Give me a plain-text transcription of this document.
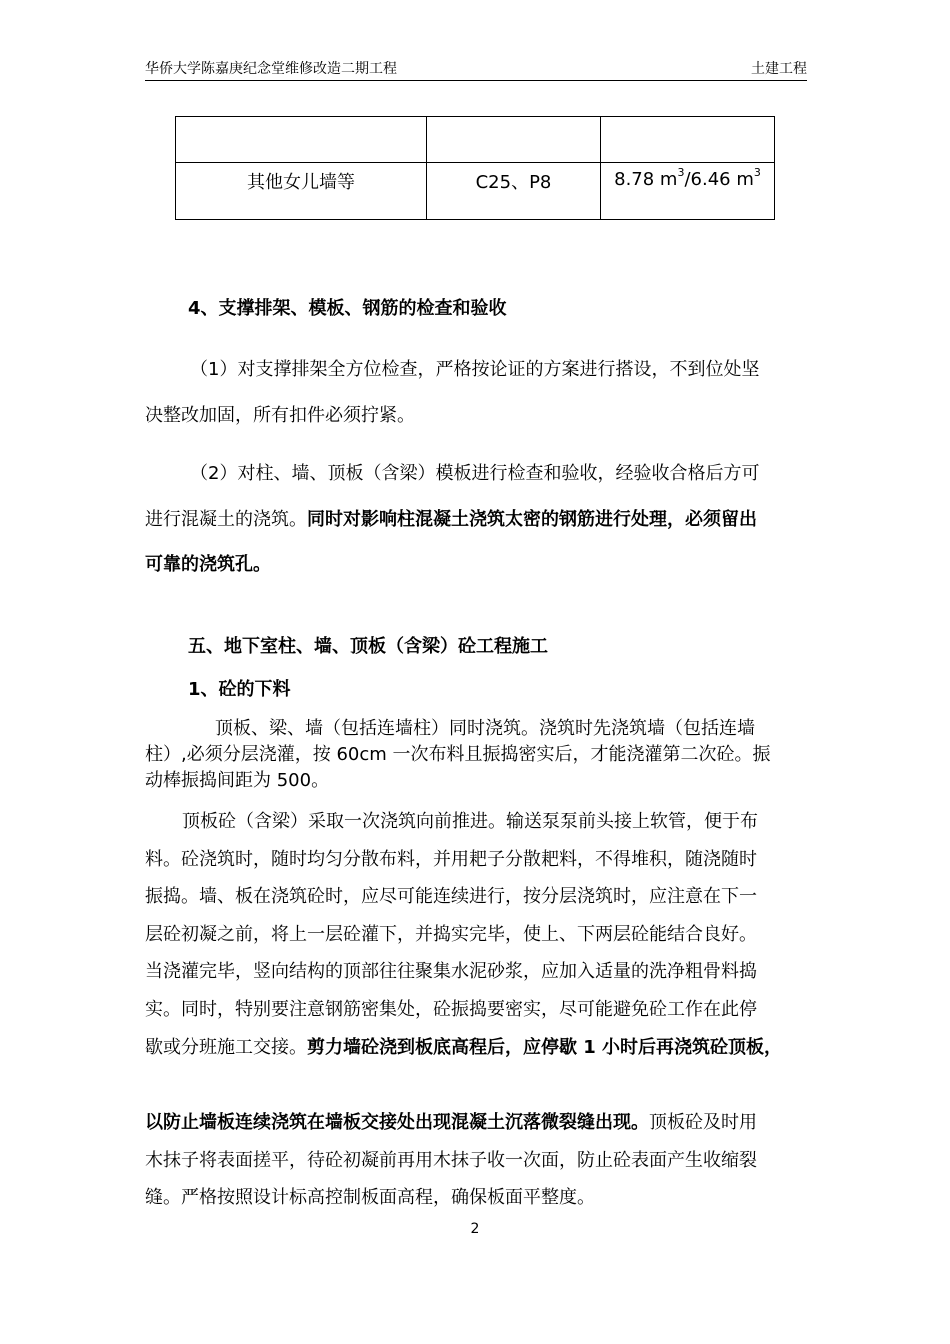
华侨大学陈嘉庚纪念堂维修改造二期工程	土建工程

其他女儿墙等	C25、P8	8.78 $m^3/6.46$ $m^3$
4、支撑排架、模板、钢筋的检查和验收
（1）对支撑排架全方位检查，严格按论证的方案进行搭设，不到位处坚
决整改加固，所有扣件必须拧紧。
（2）对柱、墙、顶板（含梁）模板进行检查和验收，经验收合格后方可
进行混凝土的浇筑。同时对影响柱混凝土浇筑太密的钢筋进行处理，必须留出
可靠的浇筑孔。
五、地下室柱、墙、顶板（含梁）砼工程施工
1、砼的下料
顶板、梁、墙（包括连墙柱）同时浇筑。浇筑时先浇筑墙（包括连墙
柱）,必须分层浇灌，按 60cm 一次布料且振捣密实后，才能浇灌第二次砼。振
动棒振捣间距为 500。
顶板砼（含梁）采取一次浇筑向前推进。输送泵泵前头接上软管，便于布
料。砼浇筑时，随时均匀分散布料，并用耙子分散耙料，不得堆积，随浇随时
振捣。墙、板在浇筑砼时，应尽可能连续进行，按分层浇筑时，应注意在下一
层砼初凝之前，将上一层砼灌下，并捣实完毕，使上、下两层砼能结合良好。
当浇灌完毕，竖向结构的顶部往往聚集水泥砂浆，应加入适量的洗净粗骨料捣
实。同时，特别要注意钢筋密集处，砼振捣要密实，尽可能避免砼工作在此停
歇或分班施工交接。剪力墙砼浇到板底高程后，应停歇 1 小时后再浇筑砼顶板，
以防止墙板连续浇筑在墙板交接处出现混凝土沉落微裂缝出现。顶板砼及时用
木抹子将表面搓平，待砼初凝前再用木抹子收一次面，防止砼表面产生收缩裂
缝。严格按照设计标高控制板面高程，确保板面平整度。
2
